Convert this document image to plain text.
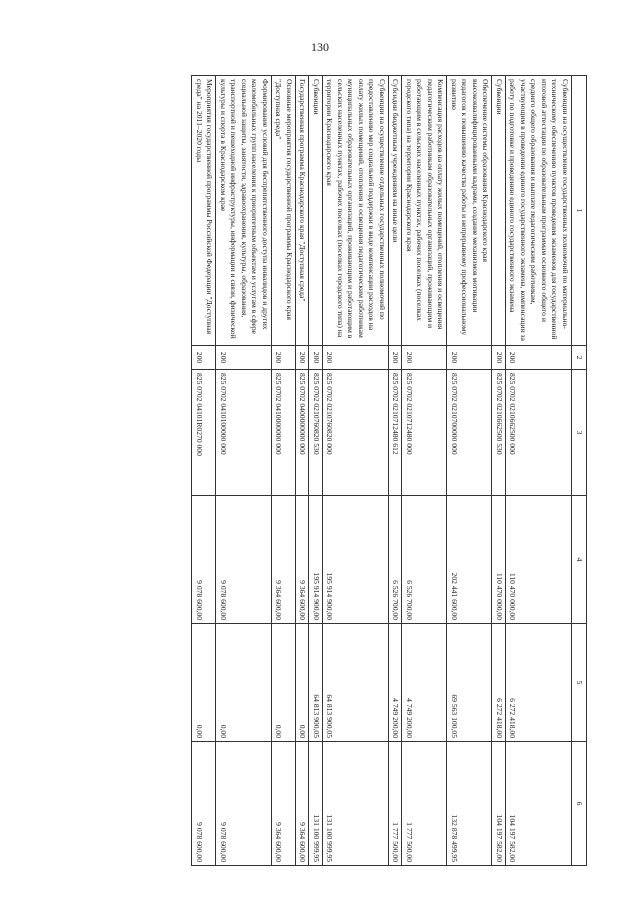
130
1	2	3	4	5	6
Субвенции на осуществление государственных полномочий по материально-техническому обеспечению пунктов проведения экзаменов для государственной итоговой аттестации по образовательным программам основного общего и среднего общего образования и выплате педагогическим работникам, участвующим в проведении единого государственного экзамена, компенсации за работу по подготовке и проведению единого государственного экзамена	200	825 0702 0210662500 000	110 470 000,00	6 272 418,00	104 197 582,00
Субвенции	200	825 0702 0210662500 530	110 470 000,00	6 272 418,00	104 197 582,00
Обеспечение системы образования Краснодарского края высококвалифицированными кадрами, создание механизмов мотивации педагогов к повышению качества работы и непрерывному профессиональному развитию	200	825 0702 0210700000 000	202 441 600,00	69 563 100,05	132 878 499,95
Компенсация расходов на оплату жилых помещений, отопления и освещения педагогическим работникам образовательных организаций, проживающим и работающим в сельских населенных пунктах, рабочих поселках (поселках городского типа) на территории Краснодарского края	200	825 0702 0210712480 000	6 526 700,00	4 749 200,00	1 777 500,00
Субсидии бюджетным учреждениям на иные цели	200	825 0702 0210712480 612	6 526 700,00	4 749 200,00	1 777 500,00
Субвенции на осуществление отдельных государственных полномочий по предоставлению мер социальной поддержки в виде компенсации расходов на оплату жилых помещений, отопления и освещения педагогическим работникам муниципальных образовательных организаций, проживающим и работающим в сельских населенных пунктах, рабочих поселках (поселках городского типа) на территории Краснодарского края	200	825 0702 0210760820 000	195 914 900,00	64 813 900,05	131 100 999,95
Субвенции	200	825 0702 0210760820 530	195 914 900,00	64 813 900,05	131 100 999,95
Государственная программа Краснодарского края "Доступная среда"	200	825 0702 0400000000 000	9 364 600,00	0,00	9 364 600,00
Основные мероприятия государственной программы Краснодарского края "Доступная среда"	200	825 0702 0410000000 000	9 364 600,00	0,00	9 364 600,00
Формирование условий для беспрепятственного доступа инвалидов и других маломобильных групп населения к приоритетным объектам и услугам в сфере социальной защиты, занятости, здравоохранения, культуры, образования, транспортной и пешеходной инфраструктуры, информации и связи, физической культуры и спорта в Краснодарском крае	200	825 0702 0410100000 000	9 078 600,00	0,00	9 078 600,00
Мероприятия государственной программы Российской Федерации "Доступная среда" на 2011–2020 годы	200	825 0702 04101R0270 000	9 078 600,00	0,00	9 078 600,00
